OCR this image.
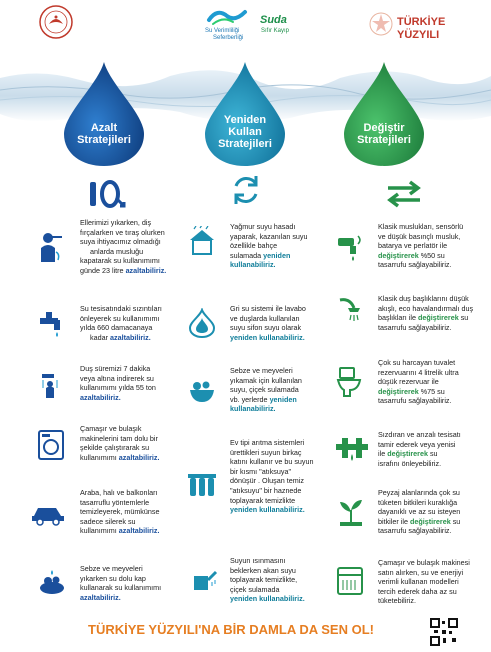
Su Verimliliği
Seferberliği
Suda
Sıfır Kayıp
TÜRKİYE
YÜZYILI
Azalt
Stratejileri
Yeniden
Kullan
Stratejileri
Değiştir
Stratejileri
Ellerimizi yıkarken, diş
fırçalarken ve tıraş olurken
suya ihtiyacımız olmadığı
anlarda musluğu
kapatarak su kullanımımı
günde 23 litre azaltabiliriz.
Su tesisatındaki sızıntıları
önleyerek su kullanımımı
yılda 660 damacanaya
kadar azaltabiliriz.
Duş süremizi 7 dakika
veya altına indirerek su
kullanımımı yılda 55 ton
azaltabiliriz.
Çamaşır ve bulaşık
makinelerini tam dolu bir
şekilde çalıştırarak su
kullanımımı azaltabiliriz.
Araba, halı ve balkonları
tasarruflu yöntemlerle
temizleyerek, mümkünse
sadece silerek su
kullanımımı azaltabiliriz.
Sebze ve meyveleri
yıkarken su dolu kap
kullanarak su kullanımımı
azaltabiliriz.
Yağmur suyu hasadı
yaparak, kazanılan suyu
özellikle bahçe
sulamada yeniden kullanabiliriz.
Gri su sistemi ile lavabo
ve duşlarda kullanılan
suyu sifon suyu olarak
yeniden kullanabiliriz.
Sebze ve meyveleri
yıkamak için kullanılan
suyu, çiçek sulamada
vb. yerlerde yeniden
kullanabiliriz.
Ev tipi arıtma sistemleri
ürettikleri suyun birkaç
katını kullanır ve bu suyun
bir kısmı "atıksuya"
dönüşür . Oluşan temiz
"atıksuyu" bir haznede
toplayarak temizlikte
yeniden kullanabiliriz.
Suyun ısınmasını
beklerken akan suyu
toplayarak temizlikte,
çiçek sulamada
yeniden kullanabiliriz.
Klasik muslukları, sensörlü
ve düşük basınçlı musluk,
batarya ve perlatör ile
değiştirerek %50 su
tasarrufu sağlayabiliriz.
Klasik duş başlıklarını düşük
akışlı, eco havalandırmalı duş
başlıkları ile değiştirerek su
tasarrufu sağlayabiliriz.
Çok su harcayan tuvalet
rezervuarını 4 litrelik ultra
düşük rezervuar ile
değiştirerek %75 su
tasarrufu sağlayabiliriz.
Sızdıran ve arızalı tesisatı
tamir ederek veya yenisi
ile değiştirerek su
israfını önleyebiliriz.
Peyzaj alanlarında çok su
tüketen bitkileri kuraklığa
dayanıklı ve az su isteyen
bitkiler ile değiştirerek su
tasarrufu sağlayabiliriz.
Çamaşır ve bulaşık makinesi
satın alırken, su ve enerjiyi
verimli kullanan modelleri
tercih ederek daha az su
tüketebiliriz.
TÜRKİYE YÜZYILI'NA BİR DAMLA DA SEN OL!
